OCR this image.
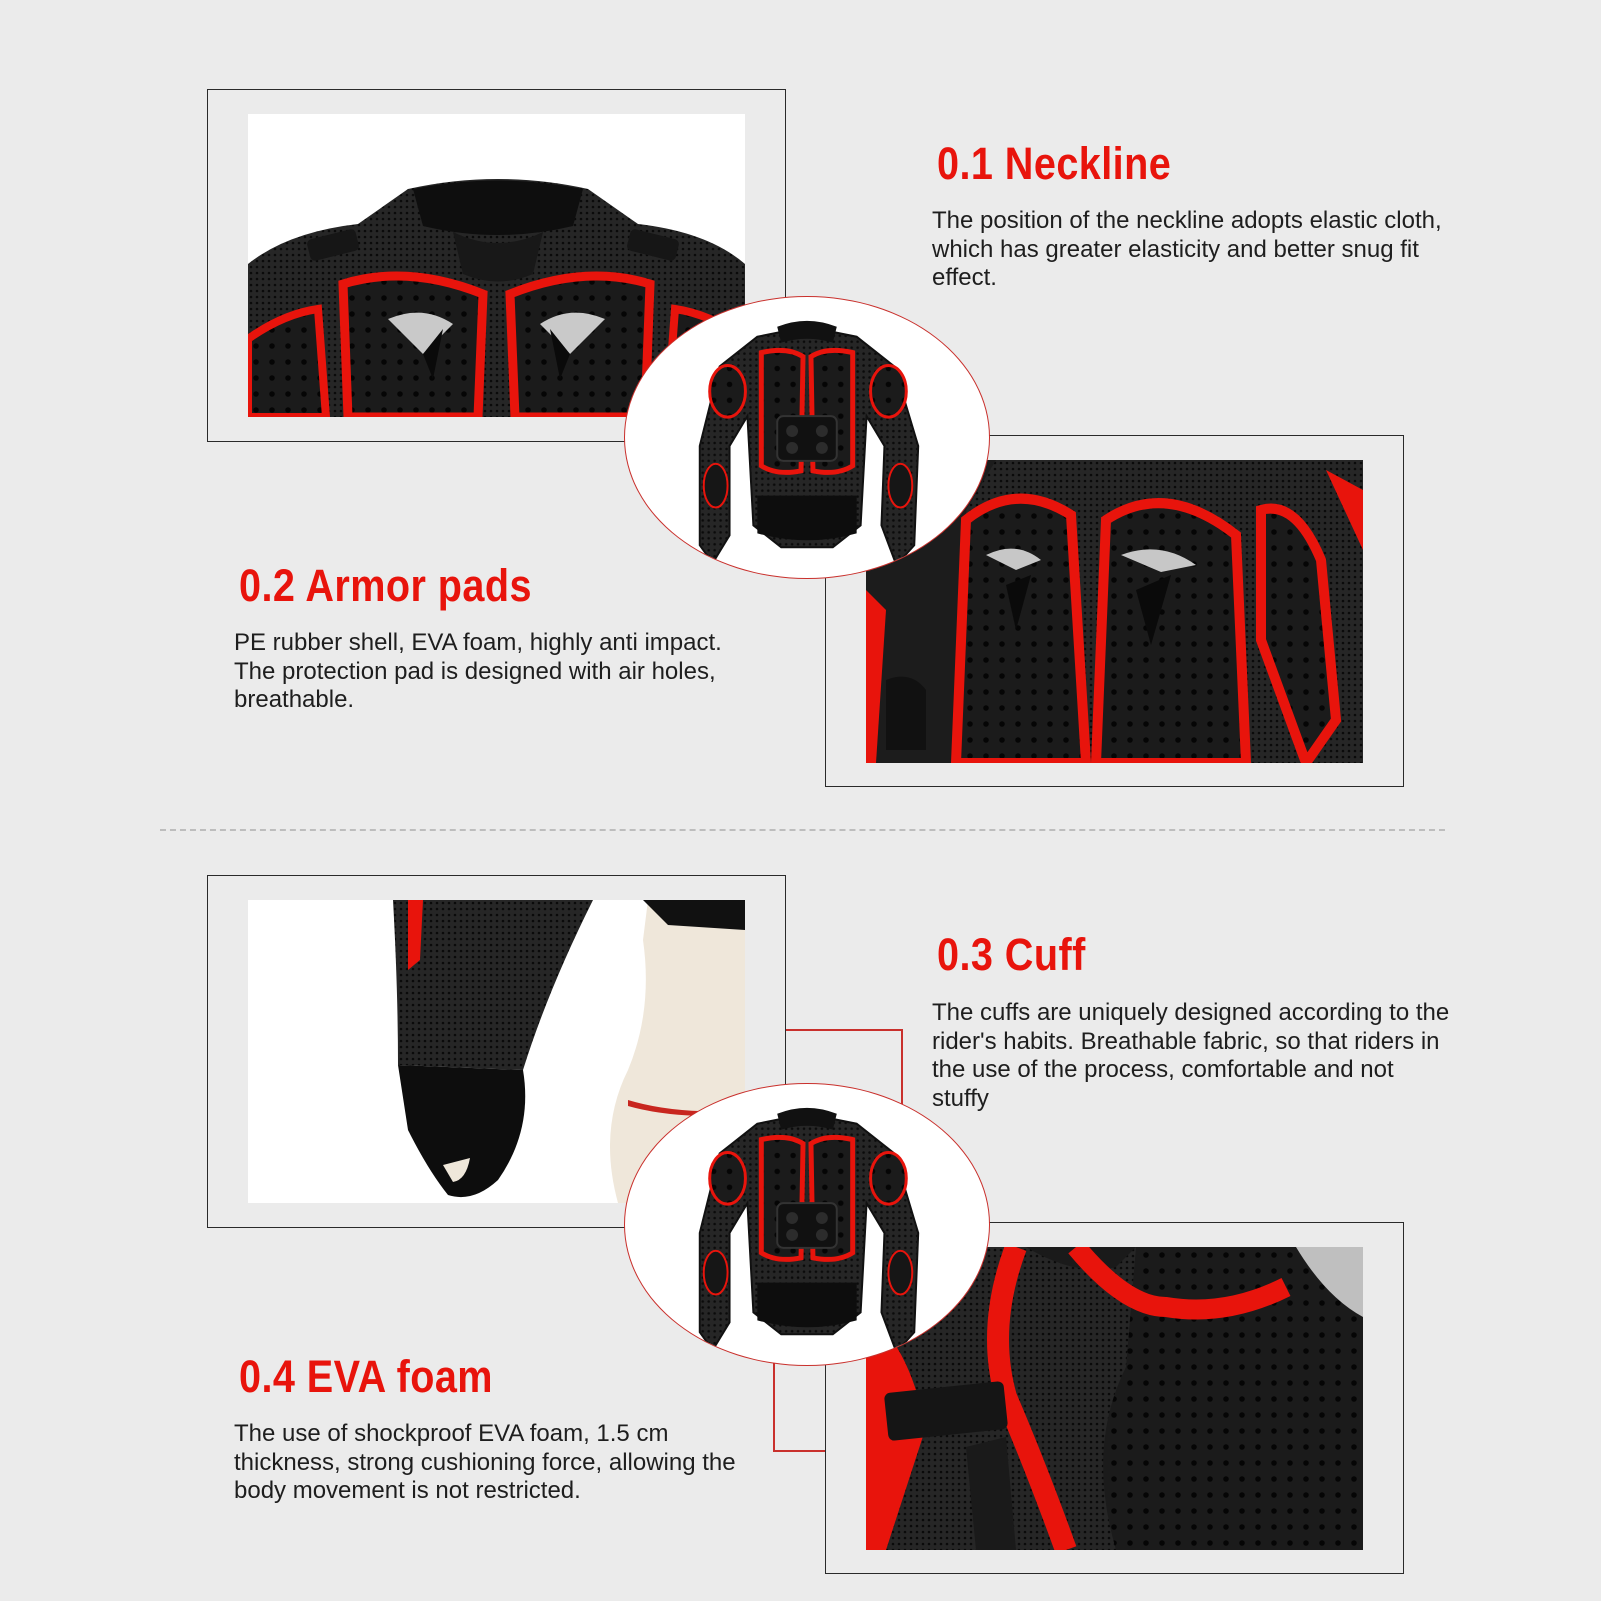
0.1 Neckline

The position of the neckline adopts elastic cloth, which has greater elasticity and better snug fit effect.

0.2 Armor pads

PE rubber shell, EVA foam, highly anti impact. The protection pad is designed with air holes, breathable.

0.3 Cuff

The cuffs are uniquely designed according to the rider's habits. Breathable fabric, so that riders in the use of the process, comfortable and not stuffy

0.4 EVA foam

The use of shockproof EVA foam, 1.5 cm thickness, strong cushioning force, allowing the body movement is not restricted.
